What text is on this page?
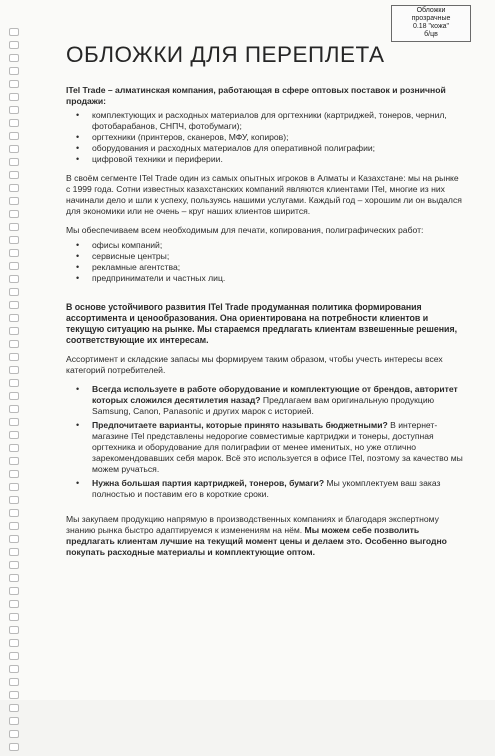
Обложки
прозрачные
0.18 "кожа"
б/цв
ОБЛОЖКИ ДЛЯ ПЕРЕПЛЕТА

ITel Trade – алматинская компания, работающая в сфере оптовых поставок и розничной продажи:

• комплектующих и расходных материалов для оргтехники (картриджей, тонеров, чернил, фотобарабанов, СНПЧ, фотобумаги);
• оргтехники (принтеров, сканеров, МФУ, копиров);
• оборудования и расходных материалов для оперативной полиграфии;
• цифровой техники и периферии.

В своём сегменте ITel Trade один из самых опытных игроков в Алматы и Казахстане: мы на рынке с 1999 года. Сотни известных казахстанских компаний являются клиентами ITel, многие из них начинали дело и шли к успеху, пользуясь нашими услугами. Каждый год – хорошим ли он выдался для экономики или не очень – круг наших клиентов ширится.

Мы обеспечиваем всем необходимым для печати, копирования, полиграфических работ:

• офисы компаний;
• сервисные центры;
• рекламные агентства;
• предприниматели и частных лиц.

В основе устойчивого развития ITel Trade продуманная политика формирования ассортимента и ценообразования. Она ориентирована на потребности клиентов и текущую ситуацию на рынке. Мы стараемся предлагать клиентам взвешенные решения, соответствующие их интересам.

Ассортимент и складские запасы мы формируем таким образом, чтобы учесть интересы всех категорий потребителей.

• Всегда используете в работе оборудование и комплектующие от брендов, авторитет которых сложился десятилетия назад? Предлагаем вам оригинальную продукцию Samsung, Canon, Panasonic и других марок с историей.
• Предпочитаете варианты, которые принято называть бюджетными? В интернет-магазине ITel представлены недорогие совместимые картриджи и тонеры, доступная оргтехника и оборудование для полиграфии от менее именитых, но уже отлично зарекомендовавших себя марок. Всё это используется в офисе ITel, поэтому за качество мы можем ручаться.
• Нужна большая партия картриджей, тонеров, бумаги? Мы укомплектуем ваш заказ полностью и поставим его в короткие сроки.

Мы закупаем продукцию напрямую в производственных компаниях и благодаря экспертному знанию рынка быстро адаптируемся к изменениям на нём. Мы можем себе позволить предлагать клиентам лучшие на текущий момент цены и делаем это. Особенно выгодно покупать расходные материалы и комплектующие оптом.
